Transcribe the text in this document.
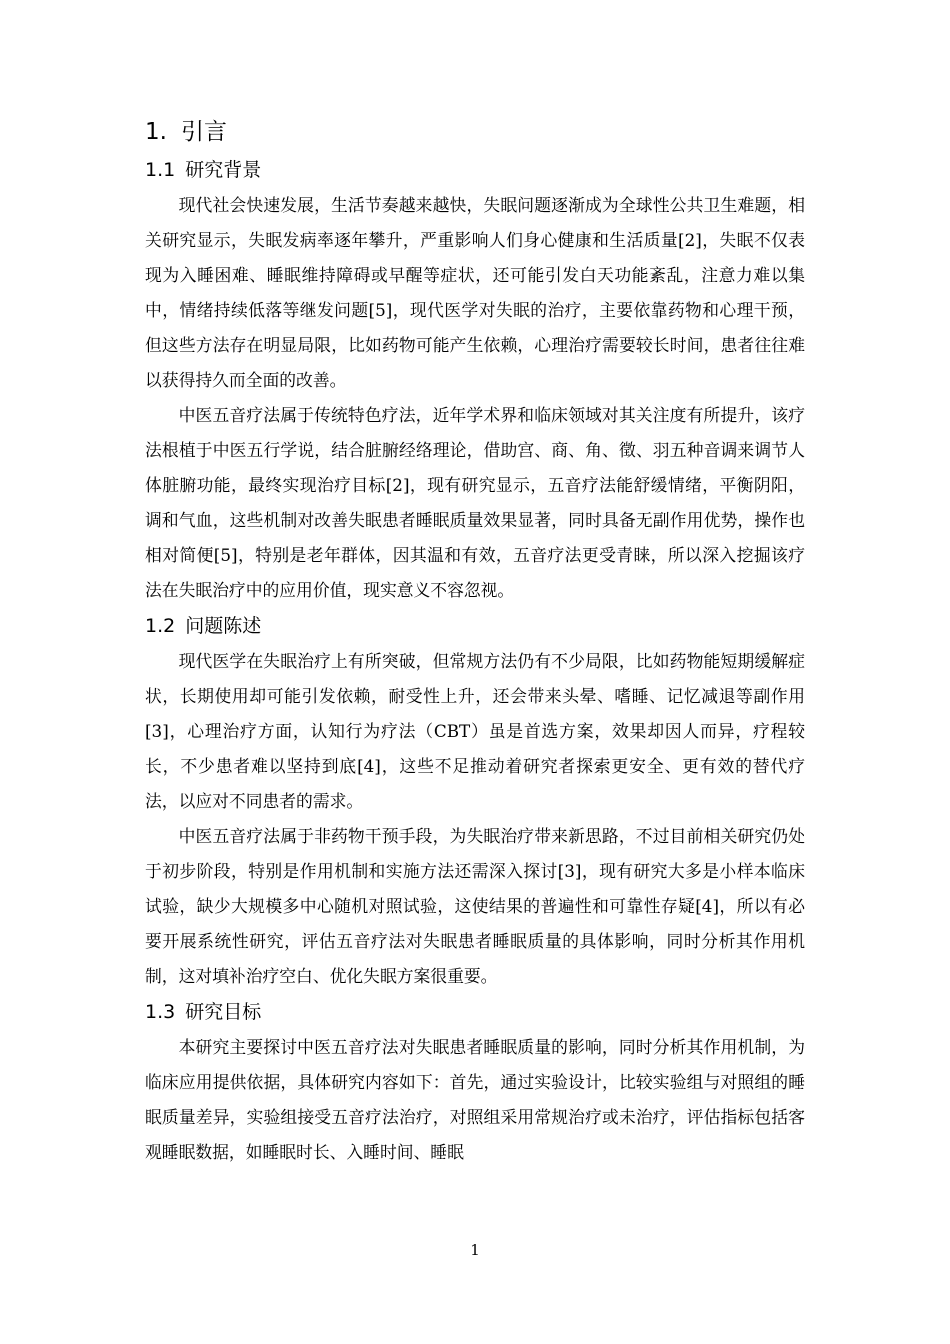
1. 引言
1.1 研究背景

现代社会快速发展，生活节奏越来越快，失眠问题逐渐成为全球性公共卫生难题，相关研究显示，失眠发病率逐年攀升，严重影响人们身心健康和生活质量[2]，失眠不仅表现为入睡困难、睡眠维持障碍或早醒等症状，还可能引发白天功能紊乱，注意力难以集中，情绪持续低落等继发问题[5]，现代医学对失眠的治疗，主要依靠药物和心理干预，但这些方法存在明显局限，比如药物可能产生依赖，心理治疗需要较长时间，患者往往难以获得持久而全面的改善。

中医五音疗法属于传统特色疗法，近年学术界和临床领域对其关注度有所提升，该疗法根植于中医五行学说，结合脏腑经络理论，借助宫、商、角、徵、羽五种音调来调节人体脏腑功能，最终实现治疗目标[2]，现有研究显示，五音疗法能舒缓情绪，平衡阴阳，调和气血，这些机制对改善失眠患者睡眠质量效果显著，同时具备无副作用优势，操作也相对简便[5]，特别是老年群体，因其温和有效，五音疗法更受青睐，所以深入挖掘该疗法在失眠治疗中的应用价值，现实意义不容忽视。

1.2 问题陈述

现代医学在失眠治疗上有所突破，但常规方法仍有不少局限，比如药物能短期缓解症状，长期使用却可能引发依赖，耐受性上升，还会带来头晕、嗜睡、记忆减退等副作用[3]，心理治疗方面，认知行为疗法（CBT）虽是首选方案，效果却因人而异，疗程较长，不少患者难以坚持到底[4]，这些不足推动着研究者探索更安全、更有效的替代疗法，以应对不同患者的需求。

中医五音疗法属于非药物干预手段，为失眠治疗带来新思路，不过目前相关研究仍处于初步阶段，特别是作用机制和实施方法还需深入探讨[3]，现有研究大多是小样本临床试验，缺少大规模多中心随机对照试验，这使结果的普遍性和可靠性存疑[4]，所以有必要开展系统性研究，评估五音疗法对失眠患者睡眠质量的具体影响，同时分析其作用机制，这对填补治疗空白、优化失眠方案很重要。

1.3 研究目标

本研究主要探讨中医五音疗法对失眠患者睡眠质量的影响，同时分析其作用机制，为临床应用提供依据，具体研究内容如下：首先，通过实验设计，比较实验组与对照组的睡眠质量差异，实验组接受五音疗法治疗，对照组采用常规治疗或未治疗，评估指标包括客观睡眠数据，如睡眠时长、入睡时间、睡眠

1
